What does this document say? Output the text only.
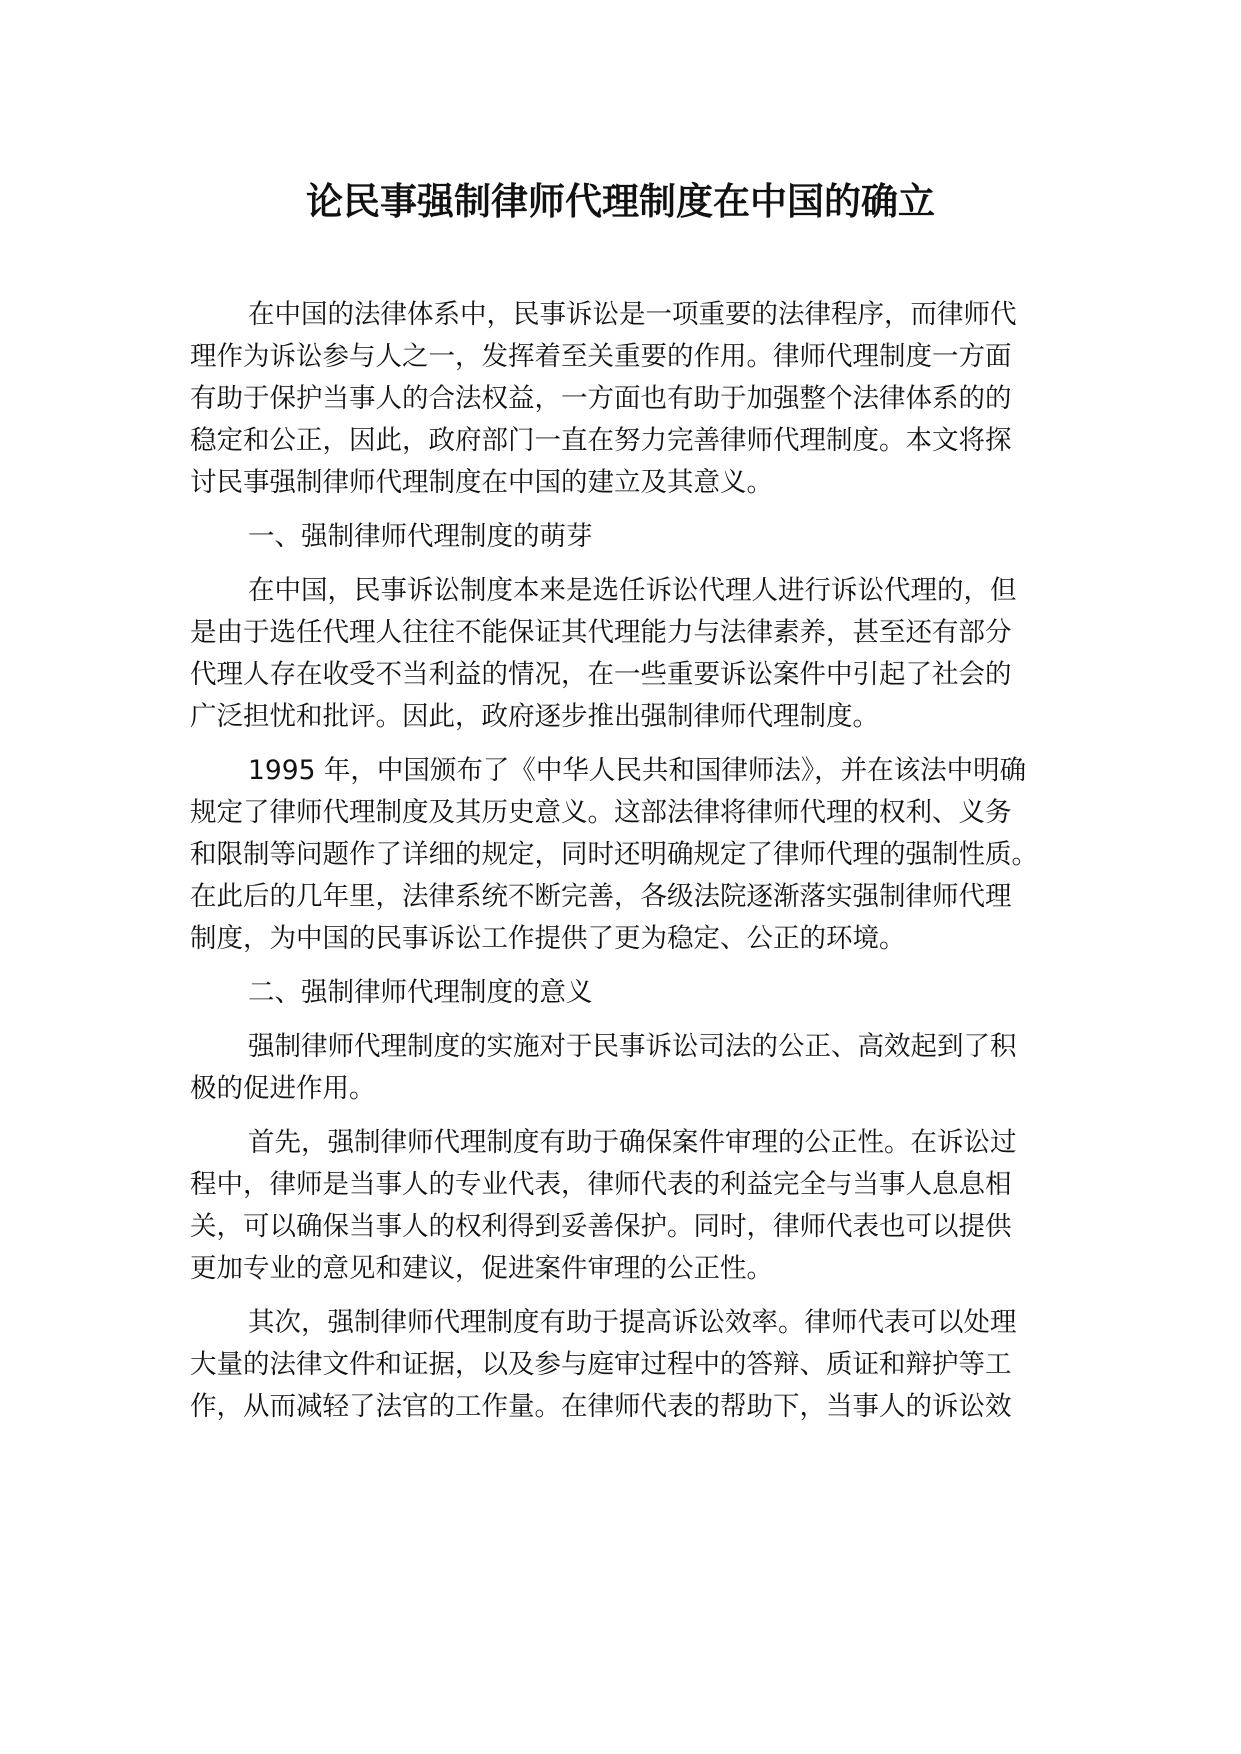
论民事强制律师代理制度在中国的确立

在中国的法律体系中，民事诉讼是一项重要的法律程序，而律师代
理作为诉讼参与人之一，发挥着至关重要的作用。律师代理制度一方面
有助于保护当事人的合法权益，一方面也有助于加强整个法律体系的的
稳定和公正，因此，政府部门一直在努力完善律师代理制度。本文将探
讨民事强制律师代理制度在中国的建立及其意义。

一、强制律师代理制度的萌芽

在中国，民事诉讼制度本来是选任诉讼代理人进行诉讼代理的，但
是由于选任代理人往往不能保证其代理能力与法律素养，甚至还有部分
代理人存在收受不当利益的情况，在一些重要诉讼案件中引起了社会的
广泛担忧和批评。因此，政府逐步推出强制律师代理制度。

1995 年，中国颁布了《中华人民共和国律师法》，并在该法中明确
规定了律师代理制度及其历史意义。这部法律将律师代理的权利、义务
和限制等问题作了详细的规定，同时还明确规定了律师代理的强制性质。
在此后的几年里，法律系统不断完善，各级法院逐渐落实强制律师代理
制度，为中国的民事诉讼工作提供了更为稳定、公正的环境。

二、强制律师代理制度的意义

强制律师代理制度的实施对于民事诉讼司法的公正、高效起到了积
极的促进作用。

首先，强制律师代理制度有助于确保案件审理的公正性。在诉讼过
程中，律师是当事人的专业代表，律师代表的利益完全与当事人息息相
关，可以确保当事人的权利得到妥善保护。同时，律师代表也可以提供
更加专业的意见和建议，促进案件审理的公正性。

其次，强制律师代理制度有助于提高诉讼效率。律师代表可以处理
大量的法律文件和证据，以及参与庭审过程中的答辩、质证和辩护等工
作，从而减轻了法官的工作量。在律师代表的帮助下，当事人的诉讼效
